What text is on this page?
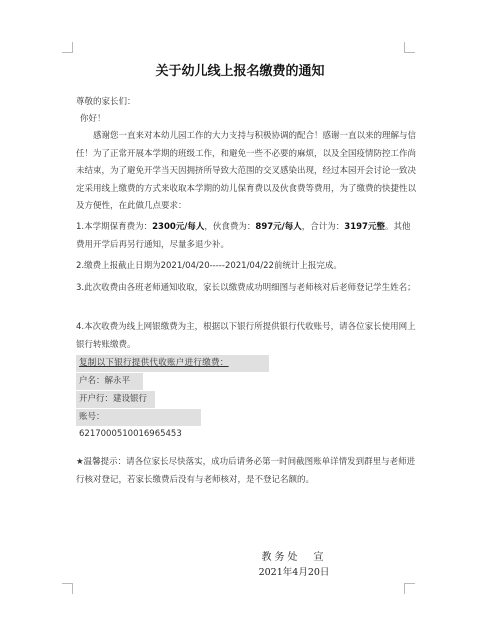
关于幼儿线上报名缴费的通知
尊敬的家长们：
你好！
感谢您一直来对本幼儿园工作的大力支持与积极协调的配合！感谢一直以来的理解与信任！为了正常开展本学期的班级工作，和避免一些不必要的麻烦，以及全国疫情防控工作尚未结束，为了避免开学当天因拥挤所导致大范围的交叉感染出现，经过本园开会讨论一致决定采用线上缴费的方式来收取本学期的幼儿保育费以及伙食费等费用，为了缴费的快捷性以及方便性，在此做几点要求：
1.本学期保育费为：2300元/每人，伙食费为：897元/每人，合计为：3197元整。其他费用开学后再另行通知，尽量多退少补。
2.缴费上报截止日期为2021/04/20-----2021/04/22前统计上报完成。
3.此次收费由各班老师通知收取，家长以缴费成功明细图与老师核对后老师登记学生姓名；
4.本次收费为线上网银缴费为主，根据以下银行所提供银行代收账号，请各位家长使用网上银行转账缴费。
复制以下银行提供代收账户进行缴费：
户名：解永平
开户行：建设银行
账号： 6217000510016965453
★温馨提示：请各位家长尽快落实，成功后请务必第一时间截图账单详情发到群里与老师进行核对登记，若家长缴费后没有与老师核对，是不登记名额的。
教务处　宣
2021年4月20日
